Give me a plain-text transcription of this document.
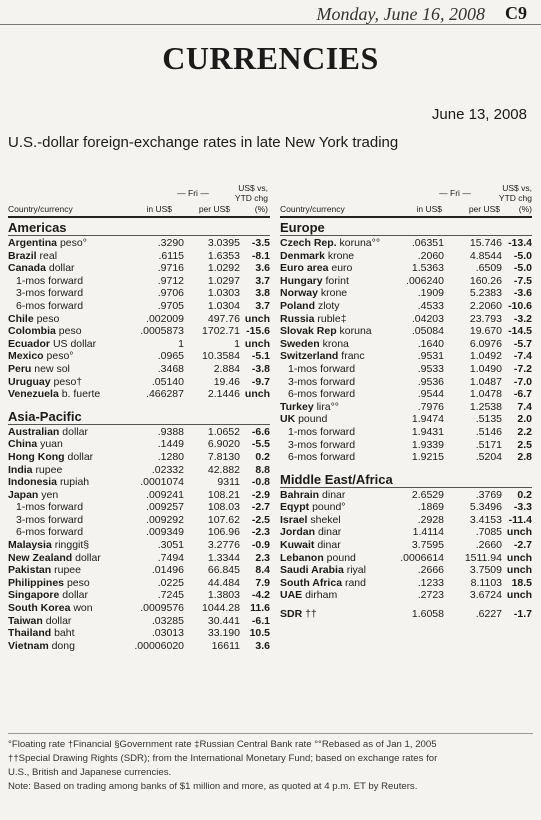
Monday, June 16, 2008 C9
CURRENCIES
June 13, 2008
U.S.-dollar foreign-exchange rates in late New York trading
Country/currency
— Fri —
in US$	per US$
US$ vs,
YTD chg
(%)
Americas
Argentina peso°	.3290	3.0395	-3.5
Brazil real	.6115	1.6353	-8.1
Canada dollar	.9716	1.0292	3.6
1-mos forward	.9712	1.0297	3.7
3-mos forward	.9706	1.0303	3.8
6-mos forward	.9705	1.0304	3.7
Chile peso	.002009	497.76 unch
Colombia peso	.0005873	1702.71 -15.6
Ecuador US dollar	1	1 unch
Mexico peso°	.0965	10.3584	-5.1
Peru new sol	.3468	2.884	-3.8
Uruguay peso†	.05140	19.46	-9.7
Venezuela b. fuerte	.466287	2.1446 unch
Asia-Pacific
Australian dollar	.9388	1.0652	-6.6
China yuan	.1449	6.9020	-5.5
Hong Kong dollar	.1280	7.8130	0.2
India rupee	.02332	42.882	8.8
Indonesia rupiah	.0001074	9311	-0.8
Japan yen	.009241	108.21	-2.9
1-mos forward	.009257	108.03	-2.7
3-mos forward	.009292	107.62	-2.5
6-mos forward	.009349	106.96	-2.3
Malaysia ringgit§	.3051	3.2776	-0.9
New Zealand dollar	.7494	1.3344	2.3
Pakistan rupee	.01496	66.845	8.4
Philippines peso	.0225	44.484	7.9
Singapore dollar	.7245	1.3803	-4.2
South Korea won	.0009576	1044.28 11.6
Taiwan dollar	.03285	30.441	-6.1
Thailand baht	.03013	33.190 10.5
Vietnam dong	.00006020	16611	3.6
Country/currency
— Fri —
in US$	per US$
US$ vs,
YTD chg
(%)
Europe
Czech Rep. koruna°°	.06351	15.746 -13.4
Denmark krone	.2060	4.8544	-5.0
Euro area euro	1.5363	.6509	-5.0
Hungary forint	.006240	160.26	-7.5
Norway krone	.1909	5.2383	-3.6
Poland zloty	.4533	2.2060 -10.6
Russia ruble‡	.04203	23.793	-3.2
Slovak Rep koruna	.05084	19.670 -14.5
Sweden krona	.1640	6.0976	-5.7
Switzerland franc	.9531	1.0492	-7.4
1-mos forward	.9533	1.0490	-7.2
3-mos forward	.9536	1.0487	-7.0
6-mos forward	.9544	1.0478	-6.7
Turkey lira°°	.7976	1.2538	7.4
UK pound	1.9474	.5135	2.0
1-mos forward	1.9431	.5146	2.2
3-mos forward	1.9339	.5171	2.5
6-mos forward	1.9215	.5204	2.8
Middle East/Africa
Bahrain dinar	2.6529	.3769	0.2
Eqypt pound°	.1869	5.3496	-3.3
Israel shekel	.2928	3.4153 -11.4
Jordan dinar	1.4114	.7085 unch
Kuwait dinar	3.7595	.2660	-2.7
Lebanon pound	.0006614	1511.94 unch
Saudi Arabia riyal	.2666	3.7509 unch
South Africa rand	.1233	8.1103 18.5
UAE dirham	.2723	3.6724 unch
SDR ††	1.6058	.6227	-1.7
°Floating rate †Financial §Government rate ‡Russian Central Bank rate °°Rebased as of Jan 1, 2005
††Special Drawing Rights (SDR); from the International Monetary Fund; based on exchange rates for
U.S., British and Japanese currencies.
Note: Based on trading among banks of $1 million and more, as quoted at 4 p.m. ET by Reuters.
